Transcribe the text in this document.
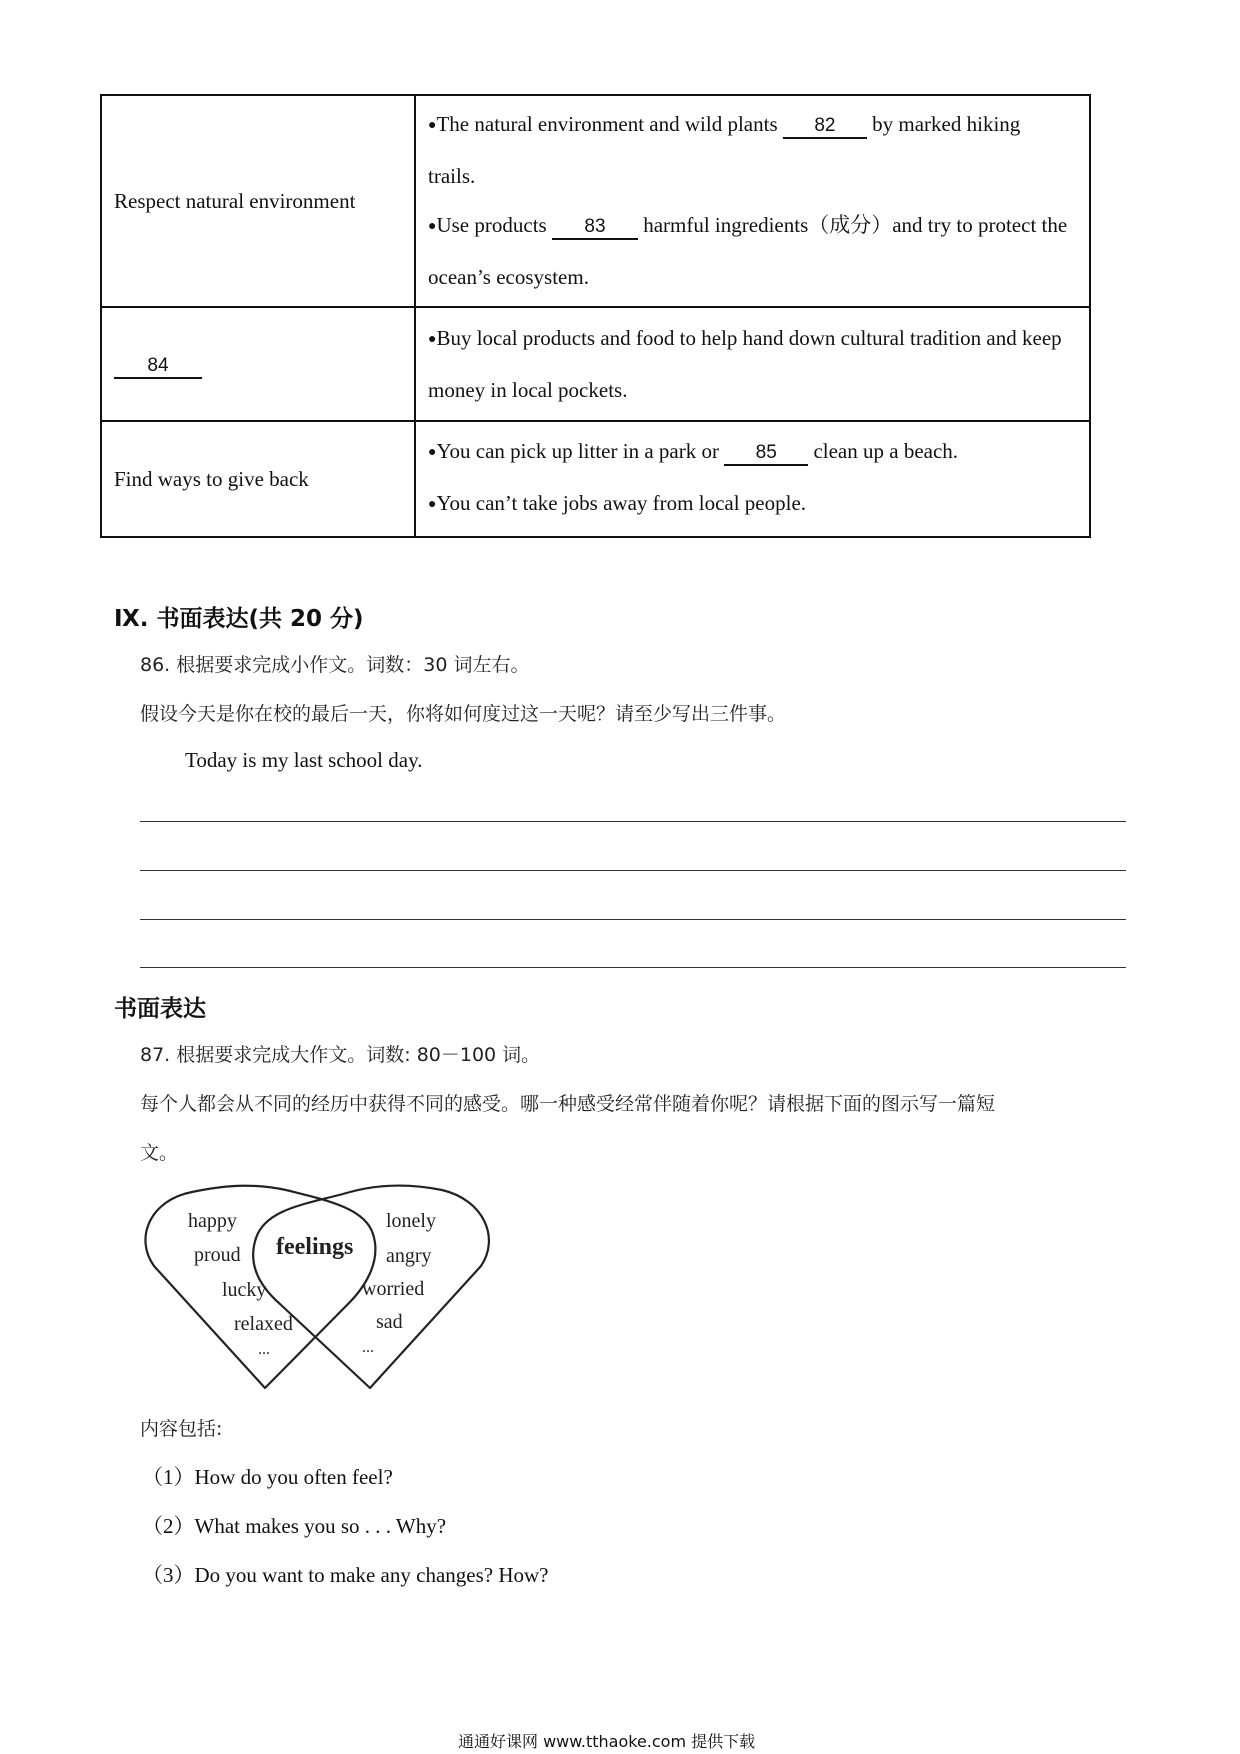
Respect natural environment	●The natural environment and wild plants 82 by marked hiking
trails.
●Use products 83 harmful ingredients（成分）and try to protect the
ocean’s ecosystem.

84	●Buy local products and food to help hand down cultural tradition and keep
money in local pockets.

Find ways to give back	●You can pick up litter in a park or 85 clean up a beach.
●You can’t take jobs away from local people.
Ⅸ. 书面表达(共 20 分)
86. 根据要求完成小作文。词数：30 词左右。
假设今天是你在校的最后一天，你将如何度过这一天呢？请至少写出三件事。
Today is my last school day.
书面表达
87. 根据要求完成大作文。词数: 80－100 词。
每个人都会从不同的经历中获得不同的感受。哪一种感受经常伴随着你呢？请根据下面的图示写一篇短
文。
happy
proud
lucky
relaxed
...
feelings
lonely
angry
worried
sad
...
内容包括:
（1）How do you often feel?
（2）What makes you so . . . Why?
（3）Do you want to make any changes? How?
通通好课网 www.tthaoke.com 提供下载
